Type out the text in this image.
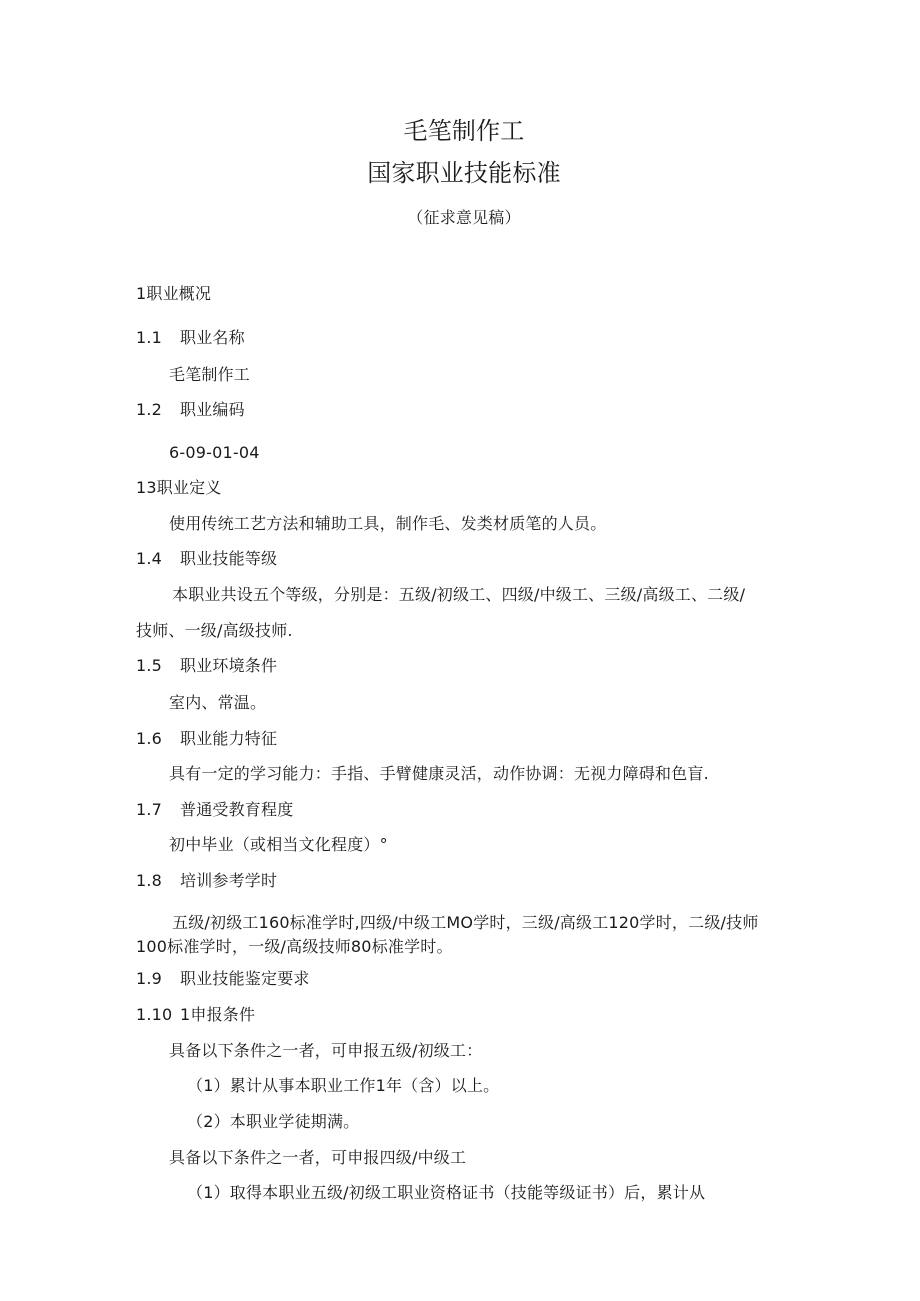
毛笔制作工
国家职业技能标准
（征求意见稿）
1职业概况
1.1 职业名称
毛笔制作工
1.2 职业编码
6-09-01-04
13职业定义
使用传统工艺方法和辅助工具，制作毛、发类材质笔的人员。
1.4 职业技能等级
本职业共设五个等级，分别是：五级/初级工、四级/中级工、三级/高级工、二级/
技师、一级/高级技师.
1.5 职业环境条件
室内、常温。
1.6 职业能力特征
具有一定的学习能力：手指、手臂健康灵活，动作协调：无视力障碍和色盲.
1.7 普通受教育程度
初中毕业（或相当文化程度）°
1.8 培训参考学时
五级/初级工160标准学时,四级/中级工MO学时，三级/高级工120学时，二级/技师
100标准学时，一级/高级技师80标准学时。
1.9 职业技能鉴定要求
1.10 1申报条件
具备以下条件之一者，可申报五级/初级工：
（1）累计从事本职业工作1年（含）以上。
（2）本职业学徒期满。
具备以下条件之一者，可申报四级/中级工
（1）取得本职业五级/初级工职业资格证书（技能等级证书）后，累计从
